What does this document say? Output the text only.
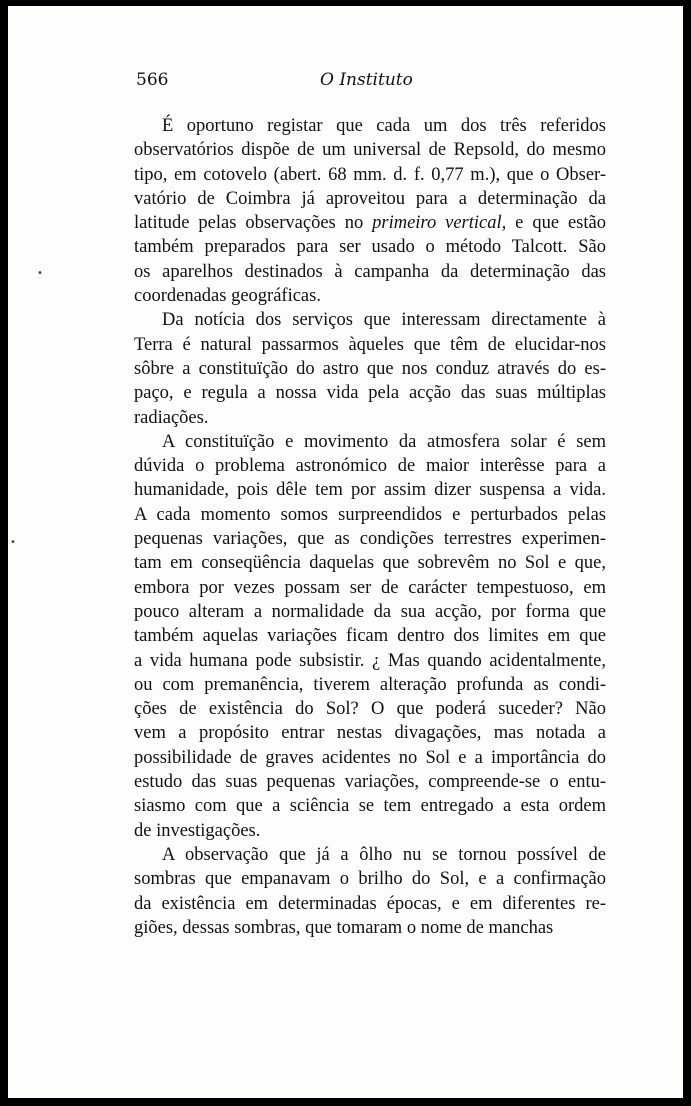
566	O Instituto
É oportuno registar que cada um dos três referidos
observatórios dispõe de um universal de Repsold, do mesmo
tipo, em cotovelo (abert. 68 mm. d. f. 0,77 m.), que o Obser-
vatório de Coimbra já aproveitou para a determinação da
latitude pelas observações no primeiro vertical, e que estão
também preparados para ser usado o método Talcott. São
os aparelhos destinados à campanha da determinação das
coordenadas geográficas.
Da notícia dos serviços que interessam directamente à
Terra é natural passarmos àqueles que têm de elucidar-nos
sôbre a constituïção do astro que nos conduz através do es-
paço, e regula a nossa vida pela acção das suas múltiplas
radiações.
A constituïção e movimento da atmosfera solar é sem
dúvida o problema astronómico de maior interêsse para a
humanidade, pois dêle tem por assim dizer suspensa a vida.
A cada momento somos surpreendidos e perturbados pelas
pequenas variações, que as condições terrestres experimen-
tam em conseqüência daquelas que sobrevêm no Sol e que,
embora por vezes possam ser de carácter tempestuoso, em
pouco alteram a normalidade da sua acção, por forma que
também aquelas variações ficam dentro dos limites em que
a vida humana pode subsistir. ¿ Mas quando acidentalmente,
ou com premanência, tiverem alteração profunda as condi-
ções de existência do Sol? O que poderá suceder? Não
vem a propósito entrar nestas divagações, mas notada a
possibilidade de graves acidentes no Sol e a importância do
estudo das suas pequenas variações, compreende-se o entu-
siasmo com que a sciência se tem entregado a esta ordem
de investigações.
A observação que já a ôlho nu se tornou possível de
sombras que empanavam o brilho do Sol, e a confirmação
da existência em determinadas épocas, e em diferentes re-
giões, dessas sombras, que tomaram o nome de manchas
•
•
